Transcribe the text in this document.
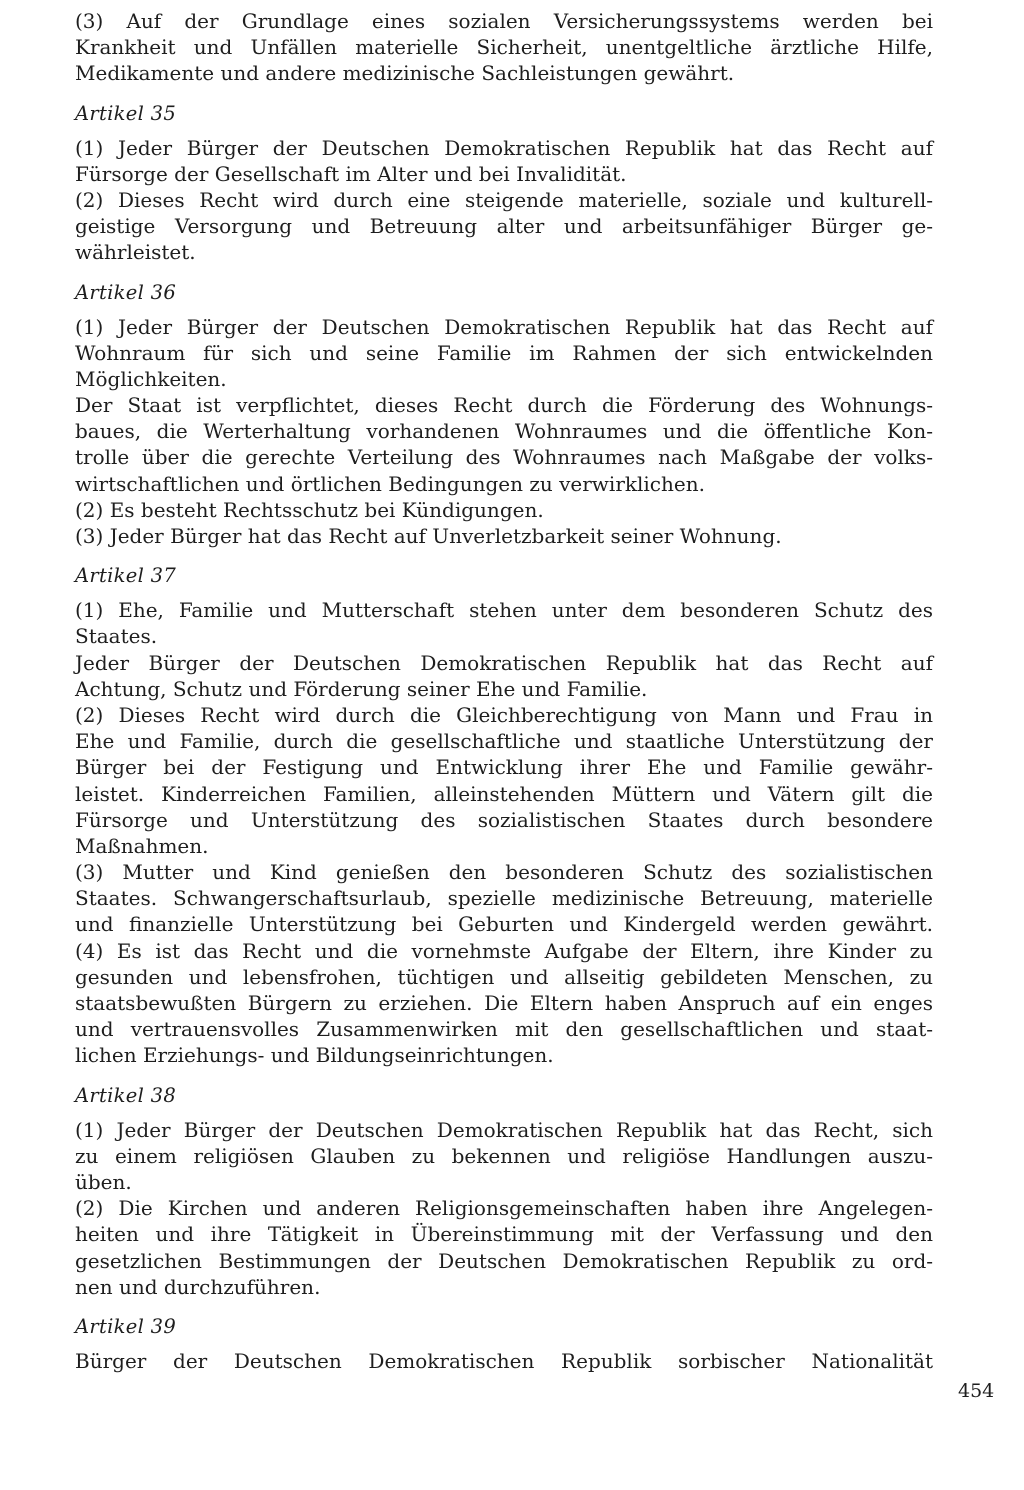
(3) Auf der Grundlage eines sozialen Versicherungssystems werden bei
Krankheit und Unfällen materielle Sicherheit, unentgeltliche ärztliche Hilfe,
Medikamente und andere medizinische Sachleistungen gewährt.
Artikel 35
(1) Jeder Bürger der Deutschen Demokratischen Republik hat das Recht auf
Fürsorge der Gesellschaft im Alter und bei Invalidität.
(2) Dieses Recht wird durch eine steigende materielle, soziale und kulturell-
geistige Versorgung und Betreuung alter und arbeitsunfähiger Bürger ge-
währleistet.
Artikel 36
(1) Jeder Bürger der Deutschen Demokratischen Republik hat das Recht auf
Wohnraum für sich und seine Familie im Rahmen der sich entwickelnden
Möglichkeiten.
Der Staat ist verpflichtet, dieses Recht durch die Förderung des Wohnungs-
baues, die Werterhaltung vorhandenen Wohnraumes und die öffentliche Kon-
trolle über die gerechte Verteilung des Wohnraumes nach Maßgabe der volks-
wirtschaftlichen und örtlichen Bedingungen zu verwirklichen.
(2) Es besteht Rechtsschutz bei Kündigungen.
(3) Jeder Bürger hat das Recht auf Unverletzbarkeit seiner Wohnung.
Artikel 37
(1) Ehe, Familie und Mutterschaft stehen unter dem besonderen Schutz des
Staates.
Jeder Bürger der Deutschen Demokratischen Republik hat das Recht auf
Achtung, Schutz und Förderung seiner Ehe und Familie.
(2) Dieses Recht wird durch die Gleichberechtigung von Mann und Frau in
Ehe und Familie, durch die gesellschaftliche und staatliche Unterstützung der
Bürger bei der Festigung und Entwicklung ihrer Ehe und Familie gewähr-
leistet. Kinderreichen Familien, alleinstehenden Müttern und Vätern gilt die
Fürsorge und Unterstützung des sozialistischen Staates durch besondere
Maßnahmen.
(3) Mutter und Kind genießen den besonderen Schutz des sozialistischen
Staates. Schwangerschaftsurlaub, spezielle medizinische Betreuung, materielle
und finanzielle Unterstützung bei Geburten und Kindergeld werden gewährt.
(4) Es ist das Recht und die vornehmste Aufgabe der Eltern, ihre Kinder zu
gesunden und lebensfrohen, tüchtigen und allseitig gebildeten Menschen, zu
staatsbewußten Bürgern zu erziehen. Die Eltern haben Anspruch auf ein enges
und vertrauensvolles Zusammenwirken mit den gesellschaftlichen und staat-
lichen Erziehungs- und Bildungseinrichtungen.
Artikel 38
(1) Jeder Bürger der Deutschen Demokratischen Republik hat das Recht, sich
zu einem religiösen Glauben zu bekennen und religiöse Handlungen auszu-
üben.
(2) Die Kirchen und anderen Religionsgemeinschaften haben ihre Angelegen-
heiten und ihre Tätigkeit in Übereinstimmung mit der Verfassung und den
gesetzlichen Bestimmungen der Deutschen Demokratischen Republik zu ord-
nen und durchzuführen.
Artikel 39
Bürger der Deutschen Demokratischen Republik sorbischer Nationalität
454
